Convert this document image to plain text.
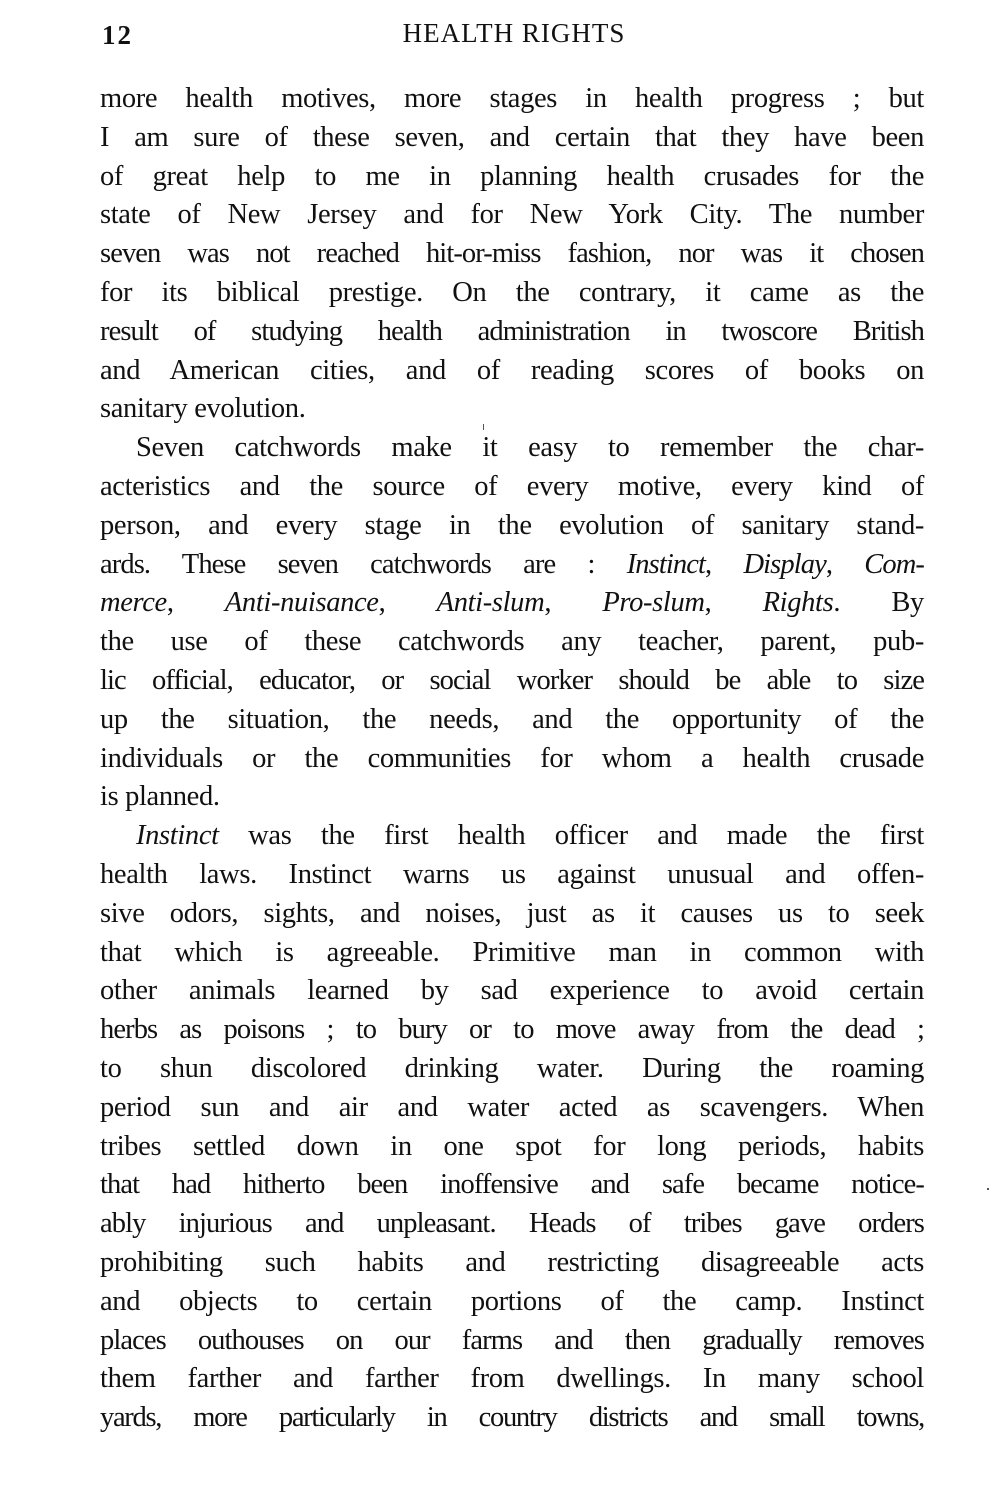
12	HEALTH RIGHTS
more health motives, more stages in health progress ; but
I am sure of these seven, and certain that they have been
of great help to me in planning health crusades for the
state of New Jersey and for New York City. The number
seven was not reached hit-or-miss fashion, nor was it chosen
for its biblical prestige. On the contrary, it came as the
result of studying health administration in twoscore British
and American cities, and of reading scores of books on
sanitary evolution.
Seven catchwords make it easy to remember the char-
acteristics and the source of every motive, every kind of
person, and every stage in the evolution of sanitary stand-
ards. These seven catchwords are : Instinct, Display, Com-
merce, Anti-nuisance, Anti-slum, Pro-slum, Rights. By
the use of these catchwords any teacher, parent, pub-
lic official, educator, or social worker should be able to size
up the situation, the needs, and the opportunity of the
individuals or the communities for whom a health crusade
is planned.
Instinct was the first health officer and made the first
health laws. Instinct warns us against unusual and offen-
sive odors, sights, and noises, just as it causes us to seek
that which is agreeable. Primitive man in common with
other animals learned by sad experience to avoid certain
herbs as poisons ; to bury or to move away from the dead ;
to shun discolored drinking water. During the roaming
period sun and air and water acted as scavengers. When
tribes settled down in one spot for long periods, habits
that had hitherto been inoffensive and safe became notice-
ably injurious and unpleasant. Heads of tribes gave orders
prohibiting such habits and restricting disagreeable acts
and objects to certain portions of the camp. Instinct
places outhouses on our farms and then gradually removes
them farther and farther from dwellings. In many school
yards, more particularly in country districts and small towns,
